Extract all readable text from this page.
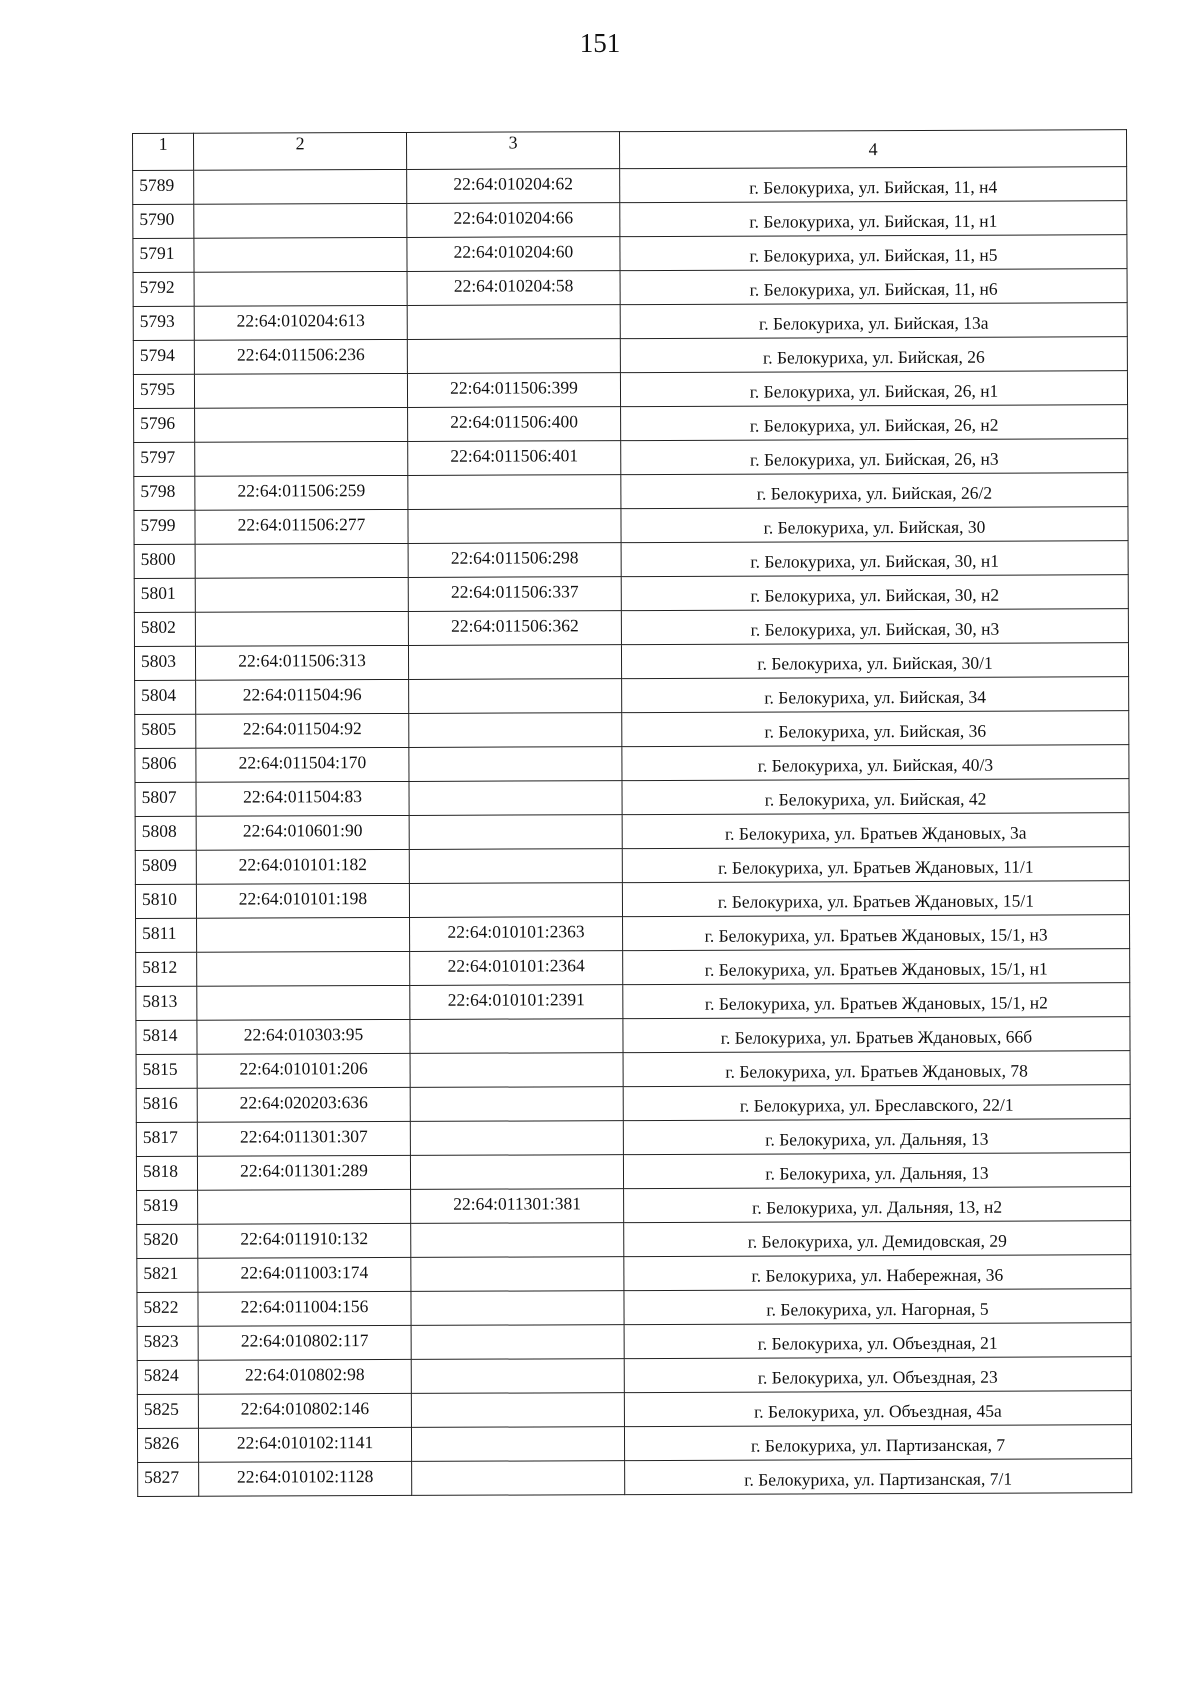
151
1	2	3	4
5789		22:64:010204:62	г. Белокуриха, ул. Бийская, 11, н4
5790		22:64:010204:66	г. Белокуриха, ул. Бийская, 11, н1
5791		22:64:010204:60	г. Белокуриха, ул. Бийская, 11, н5
5792		22:64:010204:58	г. Белокуриха, ул. Бийская, 11, н6
5793	22:64:010204:613		г. Белокуриха, ул. Бийская, 13а
5794	22:64:011506:236		г. Белокуриха, ул. Бийская, 26
5795		22:64:011506:399	г. Белокуриха, ул. Бийская, 26, н1
5796		22:64:011506:400	г. Белокуриха, ул. Бийская, 26, н2
5797		22:64:011506:401	г. Белокуриха, ул. Бийская, 26, н3
5798	22:64:011506:259		г. Белокуриха, ул. Бийская, 26/2
5799	22:64:011506:277		г. Белокуриха, ул. Бийская, 30
5800		22:64:011506:298	г. Белокуриха, ул. Бийская, 30, н1
5801		22:64:011506:337	г. Белокуриха, ул. Бийская, 30, н2
5802		22:64:011506:362	г. Белокуриха, ул. Бийская, 30, н3
5803	22:64:011506:313		г. Белокуриха, ул. Бийская, 30/1
5804	22:64:011504:96		г. Белокуриха, ул. Бийская, 34
5805	22:64:011504:92		г. Белокуриха, ул. Бийская, 36
5806	22:64:011504:170		г. Белокуриха, ул. Бийская, 40/3
5807	22:64:011504:83		г. Белокуриха, ул. Бийская, 42
5808	22:64:010601:90		г. Белокуриха, ул. Братьев Ждановых, 3а
5809	22:64:010101:182		г. Белокуриха, ул. Братьев Ждановых, 11/1
5810	22:64:010101:198		г. Белокуриха, ул. Братьев Ждановых, 15/1
5811		22:64:010101:2363	г. Белокуриха, ул. Братьев Ждановых, 15/1, н3
5812		22:64:010101:2364	г. Белокуриха, ул. Братьев Ждановых, 15/1, н1
5813		22:64:010101:2391	г. Белокуриха, ул. Братьев Ждановых, 15/1, н2
5814	22:64:010303:95		г. Белокуриха, ул. Братьев Ждановых, 66б
5815	22:64:010101:206		г. Белокуриха, ул. Братьев Ждановых, 78
5816	22:64:020203:636		г. Белокуриха, ул. Бреславского, 22/1
5817	22:64:011301:307		г. Белокуриха, ул. Дальняя, 13
5818	22:64:011301:289		г. Белокуриха, ул. Дальняя, 13
5819		22:64:011301:381	г. Белокуриха, ул. Дальняя, 13, н2
5820	22:64:011910:132		г. Белокуриха, ул. Демидовская, 29
5821	22:64:011003:174		г. Белокуриха, ул. Набережная, 36
5822	22:64:011004:156		г. Белокуриха, ул. Нагорная, 5
5823	22:64:010802:117		г. Белокуриха, ул. Объездная, 21
5824	22:64:010802:98		г. Белокуриха, ул. Объездная, 23
5825	22:64:010802:146		г. Белокуриха, ул. Объездная, 45а
5826	22:64:010102:1141		г. Белокуриха, ул. Партизанская, 7
5827	22:64:010102:1128		г. Белокуриха, ул. Партизанская, 7/1
